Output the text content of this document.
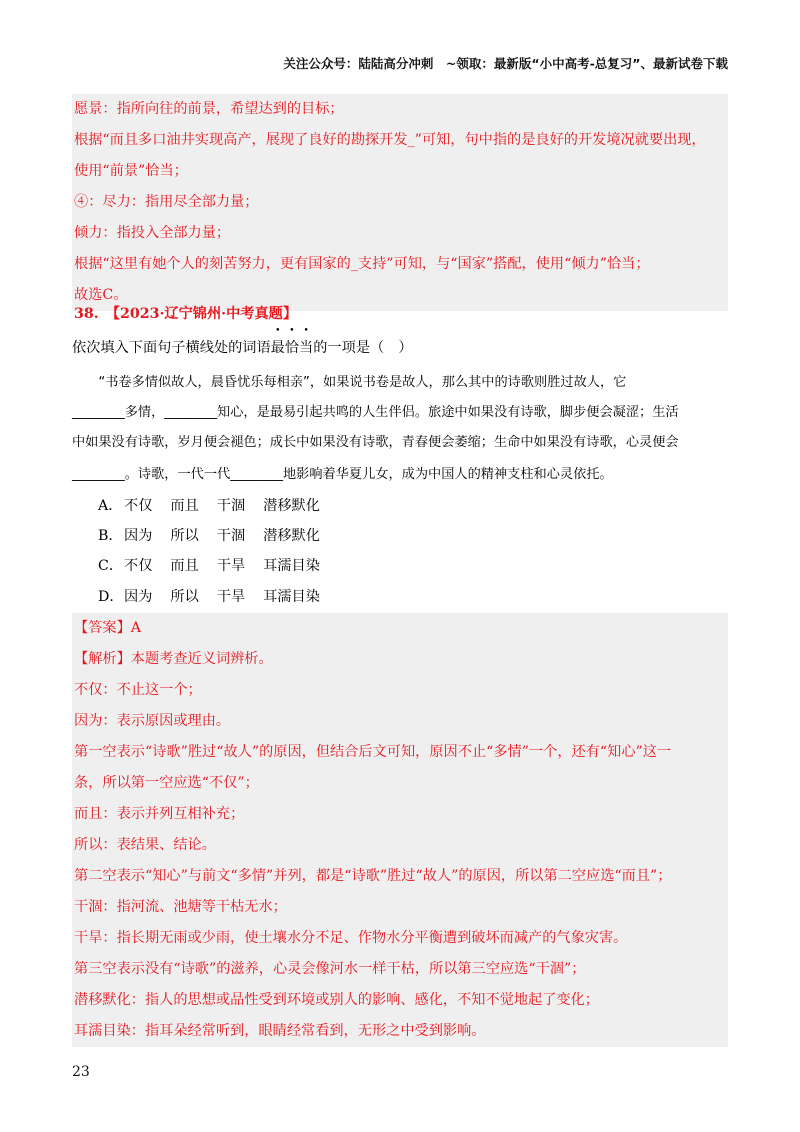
关注公众号：陆陆高分冲刺　~领取：最新版“小中高考-总复习”、最新试卷下载
愿景：指所向往的前景，希望达到的目标；
根据“而且多口油井实现高产，展现了良好的勘探开发_”可知，句中指的是良好的开发境况就要出现，
使用“前景”恰当；
④：尽力：指用尽全部力量；
倾力：指投入全部力量；
根据“这里有她个人的刻苦努力，更有国家的_支持”可知，与“国家”搭配，使用“倾力”恰当；
故选C。
38.　【2023·辽宁锦州·中考真题】
依次填入下面句子横线处的词语最恰当的一项是（　）
　　“书卷多情似故人，晨昏忧乐每相亲”，如果说书卷是故人，那么其中的诗歌则胜过故人，它
________多情，________知心，是最易引起共鸣的人生伴侣。旅途中如果没有诗歌，脚步便会凝涩；生活
中如果没有诗歌，岁月便会褪色；成长中如果没有诗歌，青春便会萎缩；生命中如果没有诗歌，心灵便会
________。诗歌，一代一代________地影响着华夏儿女，成为中国人的精神支柱和心灵依托。
A． 不仅 而且 干涸 潜移默化
B．因为 所以 干涸 潜移默化
C．不仅 而且 干旱 耳濡目染
D．因为 所以 干旱 耳濡目染
【答案】A
【解析】本题考查近义词辨析。
不仅：不止这一个；
因为：表示原因或理由。
第一空表示“诗歌”胜过“故人”的原因，但结合后文可知，原因不止“多情”一个，还有“知心”这一
条，所以第一空应选“不仅”；
而且：表示并列互相补充；
所以：表结果、结论。
第二空表示“知心”与前文“多情”并列，都是“诗歌”胜过“故人”的原因，所以第二空应选“而且”；
干涸：指河流、池塘等干枯无水；
干旱：指长期无雨或少雨，使土壤水分不足、作物水分平衡遭到破坏而减产的气象灾害。
第三空表示没有“诗歌”的滋养，心灵会像河水一样干枯，所以第三空应选“干涸”；
潜移默化：指人的思想或品性受到环境或别人的影响、感化，不知不觉地起了变化；
耳濡目染：指耳朵经常听到，眼睛经常看到，无形之中受到影响。
23
